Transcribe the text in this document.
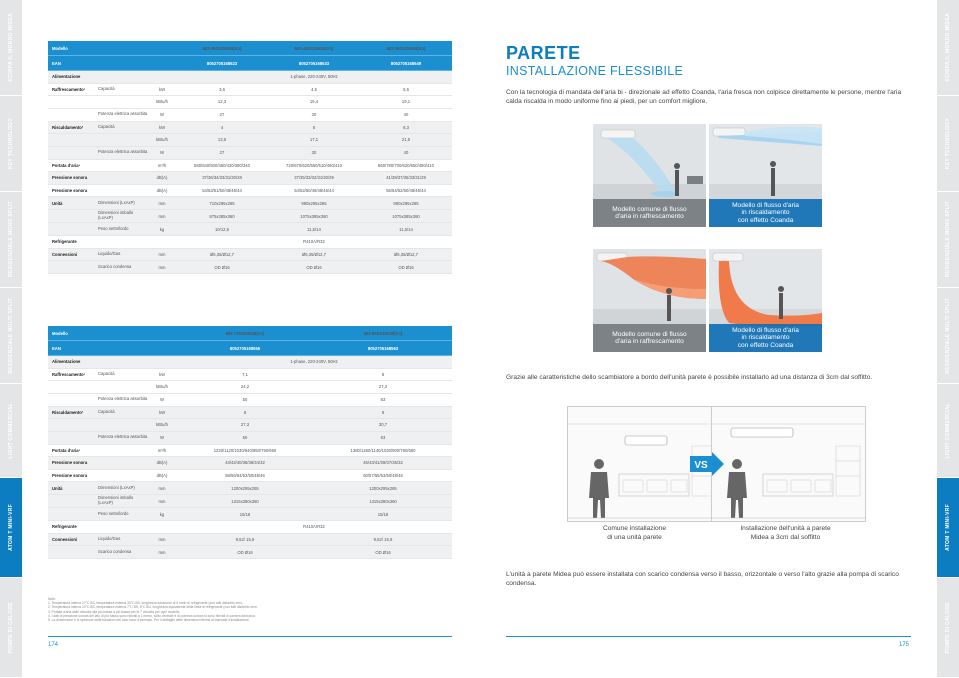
ECHIPA IL MONDO MIDEA
KEY TECHNOLOGY
RESIDENZIALE MONO SPLIT
RESIDENZIALE MULTI SPLIT
LIGHT COMMERCIAL
ATOM T MINI-VRF
POMPE DI CALORE
ECHIPA IL MONDO MIDEA
KEY TECHNOLOGY
RESIDENZIALE MONO SPLIT
RESIDENZIALE MULTI SPLIT
LIGHT COMMERCIAL
ATOM T MINI-VRF
POMPE DI CALORE
Modello	MI2-36DGDN1B(A1)	MI2-45DGDN1B(A1)	MI2-56DGDN1B(A1)
EAN	8052705168523	8052705168533	8052705168549
Alimentazione	1-phase, 220-240V, 50Hz
Raffrescamento¹	Capacità	kW	3,6	4,5	5,6
kBtu/h	12,3	15,4	19,1
Potenza elettrica assorbita	W	27	30	40
Riscaldamento²	Capacità	kW	4	5	6,3
kBtu/h	13,6	17,1	21,5
Potenza elettrica assorbita	W	27	30	40
Portata d'aria³	m³/h	580/540/500/460/420/380/340	720/670/620/560/510/460/410	860/780/700/620/550/480/410
Pressione sonora	dB(A)	37/36/34/33/31/30/28	37/35/33/32/31/30/29	41/39/37/35/33/31/29
Pressione sonora	dB(A)	54/53/51/50/48/46/44	54/52/50/49/48/46/44	56/54/52/50/48/46/44
Unità	Dimensioni (LxAxP)	mm	710x295x265	990x295x265	990x295x265
Dimensioni imballo (LxAxP)	mm	875x385x360	1075x385x360	1075x385x360
Peso netto/lordo	kg	10/12,5	11,5/14	11,5/14
Refrigerante	R410A/R32
Connessioni	Liquido/Gas	mm	Ø6,35/Ø12,7	Ø6,35/Ø12,7	Ø6,35/Ø12,7
Scarico condensa	mm	OD Ø16	OD Ø16	OD Ø16
Modello	MI2-71DGDN1B(A1)	MI2-80DGDN1B(A1)
EAN	8052705168556	8052705168563
Alimentazione	1-phase, 220-240V, 50Hz
Raffrescamento¹	Capacità	kW	7,1	8
kBtu/h	24,2	27,3
Potenza elettrica assorbita	W	50	63
Riscaldamento²	Capacità	kW	8	9
kBtu/h	27,3	30,7
Potenza elettrica assorbita	W	50	63
Portata d'aria³	m³/h	1220/1120/1030/940/850/750/660	1380/1260/1140/1020/900/780/660
Pressione sonora	dB(A)	44/42/40/38/36/34/32	45/43/41/39/37/35/32
Pressione sonora	dB(A)	58/56/54/52/50/48/46	60/57/55/53/50/48/46
Unità	Dimensioni (LxAxP)	mm	1200x295x265	1200x295x265
Dimensioni imballo (LxAxP)	mm	1315x380x360	1315x380x360
Peso netto/lordo	kg	15/18	15/18
Refrigerante	R410A/R32
Connessioni	Liquido/Gas	mm	9,52/ 15,9	9,52/ 15,9
Scarico condensa	mm	OD Ø16	OD Ø16
Note:
1. Temperatura interna 27°C BS, temperatura esterna 35°C BS, lunghezza tubazione di 5 metri di refrigerante (con tutti dislivello zero.
2. Temperatura interna 20°C BS, temperatura esterna 7°C BS, 6°C BU, lunghezza equivalente della linea di refrigerante (con tutti dislivello zero.
3. Portata d'aria dalle velocità alla più bassa a più bassa per le 7 velocità per ogni modello.
4. I dati di pressione sonora del lato di più basso sono rilevati a 1 metro, sotto centrale è di potenza sonora si sono rilevati in camera anecoica.
5. La dimensione e lo spessore delle tubazioni del tubo sono d'esempio. Per il dettaglio delle dimensioni riferirsi al manuale d'installazione.
174	175
PARETE
INSTALLAZIONE FLESSIBILE
Con la tecnologia di mandata dell'aria bi - direzionale ad effetto Coanda, l'aria fresca non colpisce direttamente le persone, mentre l'aria calda riscalda in modo uniforme fino ai piedi, per un comfort migliore.
Modello comune di flusso
d'aria in raffrescamento
Modello di flusso d'aria
in riscaldamento
con effetto Coanda
Modello comune di flusso
d'aria in raffrescamento
Modello di flusso d'aria
in riscaldamento
con effetto Coanda
Grazie alle caratteristiche dello scambiatore a bordo dell'unità parete è possibile installarlo ad una distanza di 3cm dal soffitto.
VS
Comune installazione
di una unità parete
Installazione dell'unità a parete
Midea a 3cm dal soffitto
L'unità a parete Midea può essere installata con scarico condensa verso il basso, orizzontale o verso l'alto grazie alla pompa di scarico condensa.
